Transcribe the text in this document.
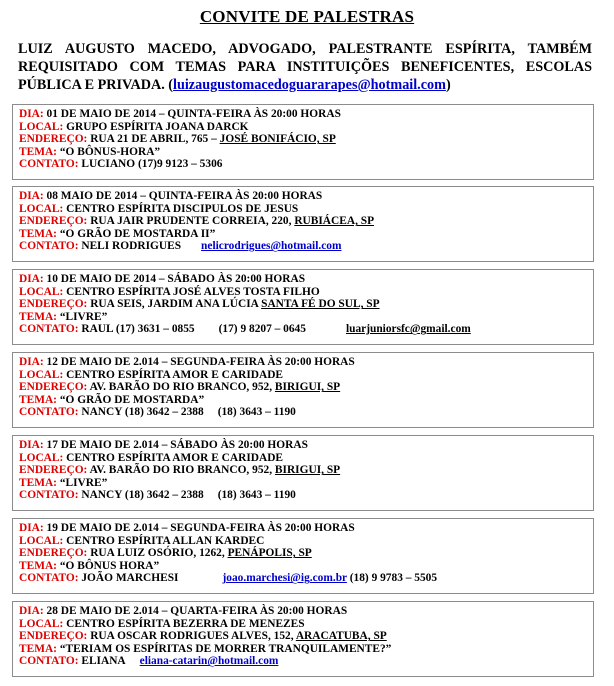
CONVITE DE PALESTRAS
LUIZ AUGUSTO MACEDO, ADVOGADO, PALESTRANTE ESPÍRITA, TAMBÉM REQUISITADO COM TEMAS PARA INSTITUIÇÕES BENEFICENTES, ESCOLAS PÚBLICA E PRIVADA. (luizaugustomacedoguararapes@hotmail.com)
DIA: 01 DE MAIO DE 2014 – QUINTA-FEIRA ÀS 20:00 HORAS
LOCAL: GRUPO ESPÍRITA JOANA DARCK
ENDEREÇO: RUA 21 DE ABRIL, 765 – JOSÉ BONIFÁCIO, SP
TEMA: “O BÔNUS-HORA”
CONTATO: LUCIANO (17)9 9123 – 5306
DIA: 08 MAIO DE 2014 – QUINTA-FEIRA ÀS 20:00 HORAS
LOCAL: CENTRO ESPÍRITA DISCIPULOS DE JESUS
ENDEREÇO: RUA JAIR PRUDENTE CORREIA, 220, RUBIÁCEA, SP
TEMA: “O GRÃO DE MOSTARDA II”
CONTATO: NELI RODRIGUES nelicrodrigues@hotmail.com
DIA: 10 DE MAIO DE 2014 – SÁBADO ÀS 20:00 HORAS
LOCAL: CENTRO ESPÍRITA JOSÉ ALVES TOSTA FILHO
ENDEREÇO: RUA SEIS, JARDIM ANA LÚCIA SANTA FÉ DO SUL, SP
TEMA: “LIVRE”
CONTATO: RAUL (17) 3631 – 0855 (17) 9 8207 – 0645	luarjuniorsfc@gmail.com
DIA: 12 DE MAIO DE 2.014 – SEGUNDA-FEIRA ÀS 20:00 HORAS
LOCAL: CENTRO ESPÍRITA AMOR E CARIDADE
ENDEREÇO: AV. BARÃO DO RIO BRANCO, 952, BIRIGUI, SP
TEMA: “O GRÃO DE MOSTARDA”
CONTATO: NANCY (18) 3642 – 2388 (18) 3643 – 1190
DIA: 17 DE MAIO DE 2.014 – SÁBADO ÀS 20:00 HORAS
LOCAL: CENTRO ESPÍRITA AMOR E CARIDADE
ENDEREÇO: AV. BARÃO DO RIO BRANCO, 952, BIRIGUI, SP
TEMA: “LIVRE”
CONTATO: NANCY (18) 3642 – 2388 (18) 3643 – 1190
DIA: 19 DE MAIO DE 2.014 – SEGUNDA-FEIRA ÀS 20:00 HORAS
LOCAL: CENTRO ESPÍRITA ALLAN KARDEC
ENDEREÇO: RUA LUIZ OSÓRIO, 1262, PENÁPOLIS, SP
TEMA: “O BÔNUS HORA”
CONTATO: JOÃO MARCHESI	joao.marchesi@ig.com.br (18) 9 9783 – 5505
DIA: 28 DE MAIO DE 2.014 – QUARTA-FEIRA ÀS 20:00 HORAS
LOCAL: CENTRO ESPÍRITA BEZERRA DE MENEZES
ENDEREÇO: RUA OSCAR RODRIGUES ALVES, 152, ARACATUBA, SP
TEMA: “TERIAM OS ESPÍRITAS DE MORRER TRANQUILAMENTE?”
CONTATO: ELIANA eliana-catarin@hotmail.com
